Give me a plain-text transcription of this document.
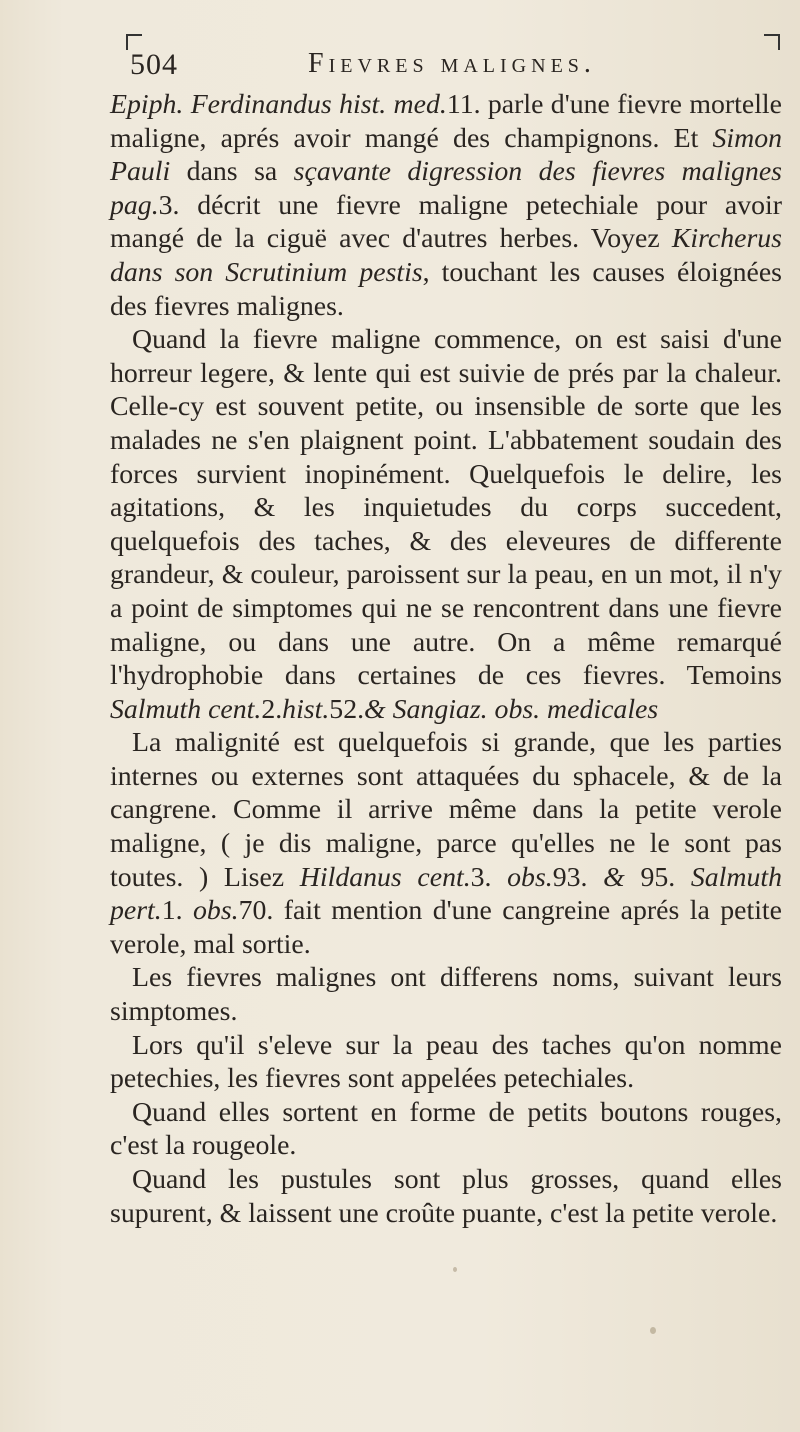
504	Fievres malignes.

Epiph. Ferdinandus hist. med.11. parle d'une fievre mortelle maligne, aprés avoir mangé des champignons. Et Simon Pauli dans sa sçavante digression des fievres malignes pag.3. décrit une fievre maligne petechiale pour avoir mangé de la ciguë avec d'autres herbes. Voyez Kircherus dans son Scrutinium pestis, touchant les causes éloignées des fievres malignes.

Quand la fievre maligne commence, on est saisi d'une horreur legere, & lente qui est suivie de prés par la chaleur. Celle-cy est souvent petite, ou insensible de sorte que les malades ne s'en plaignent point. L'abbatement soudain des forces survient inopinément. Quelquefois le delire, les agitations, & les inquietudes du corps succedent, quelquefois des taches, & des eleveures de differente grandeur, & couleur, paroissent sur la peau, en un mot, il n'y a point de simptomes qui ne se rencontrent dans une fievre maligne, ou dans une autre. On a même remarqué l'hydrophobie dans certaines de ces fievres. Temoins Salmuth cent.2.hist.52.& Sangiaz. obs. medicales

La malignité est quelquefois si grande, que les parties internes ou externes sont attaquées du sphacele, & de la cangrene. Comme il arrive même dans la petite verole maligne, ( je dis maligne, parce qu'elles ne le sont pas toutes. ) Lisez Hildanus cent.3. obs.93. & 95. Salmuth pert.1. obs.70. fait mention d'une cangreine aprés la petite verole, mal sortie.

Les fievres malignes ont differens noms, suivant leurs simptomes.

Lors qu'il s'eleve sur la peau des taches qu'on nomme petechies, les fievres sont appelées petechiales.

Quand elles sortent en forme de petits boutons rouges, c'est la rougeole.

Quand les pustules sont plus grosses, quand elles supurent, & laissent une croûte puante, c'est la petite verole.
